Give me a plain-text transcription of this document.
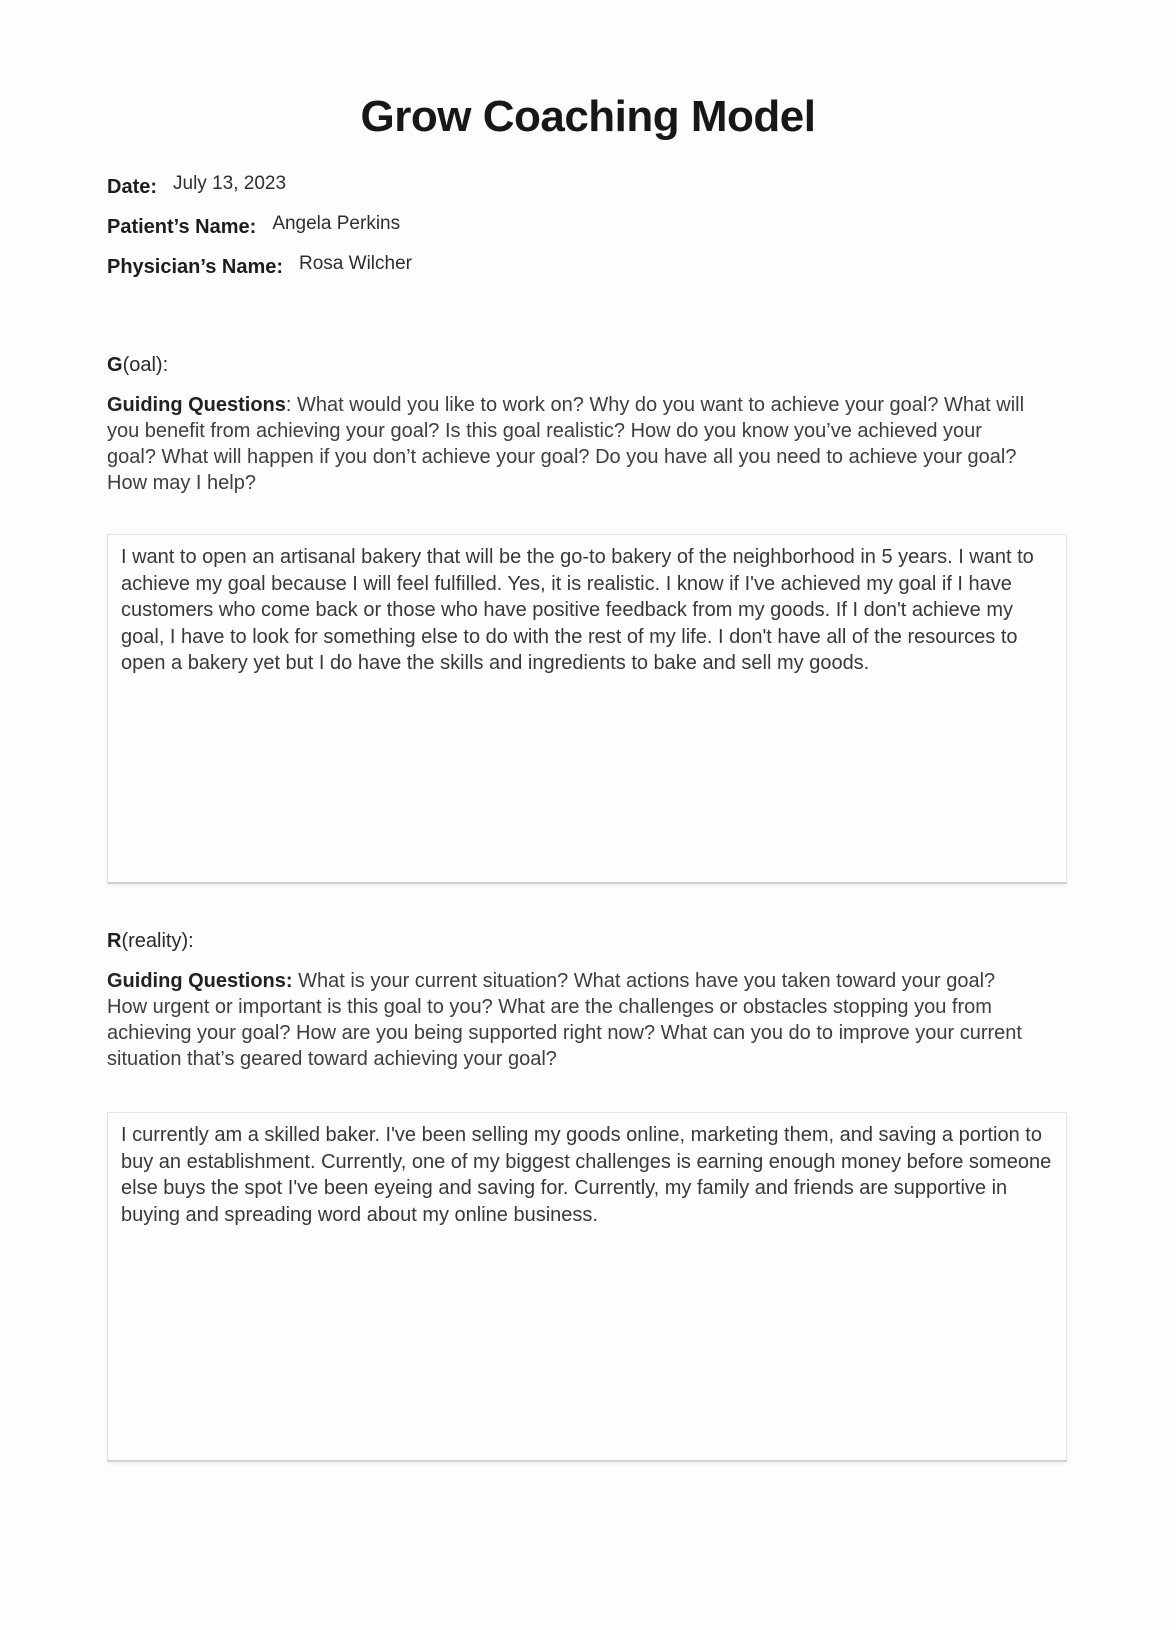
Grow Coaching Model
Date: July 13, 2023
Patient’s Name: Angela Perkins
Physician’s Name: Rosa Wilcher
G(oal):

Guiding Questions: What would you like to work on? Why do you want to achieve your goal? What will you benefit from achieving your goal? Is this goal realistic? How do you know you’ve achieved your goal? What will happen if you don’t achieve your goal? Do you have all you need to achieve your goal? How may I help?

I want to open an artisanal bakery that will be the go-to bakery of the neighborhood in 5 years. I want to achieve my goal because I will feel fulfilled. Yes, it is realistic. I know if I've achieved my goal if I have customers who come back or those who have positive feedback from my goods. If I don't achieve my goal, I have to look for something else to do with the rest of my life. I don't have all of the resources to open a bakery yet but I do have the skills and ingredients to bake and sell my goods.
R(reality):

Guiding Questions: What is your current situation? What actions have you taken toward your goal? How urgent or important is this goal to you? What are the challenges or obstacles stopping you from achieving your goal? How are you being supported right now? What can you do to improve your current situation that’s geared toward achieving your goal?

I currently am a skilled baker. I've been selling my goods online, marketing them, and saving a portion to buy an establishment. Currently, one of my biggest challenges is earning enough money before someone else buys the spot I've been eyeing and saving for. Currently, my family and friends are supportive in buying and spreading word about my online business.
